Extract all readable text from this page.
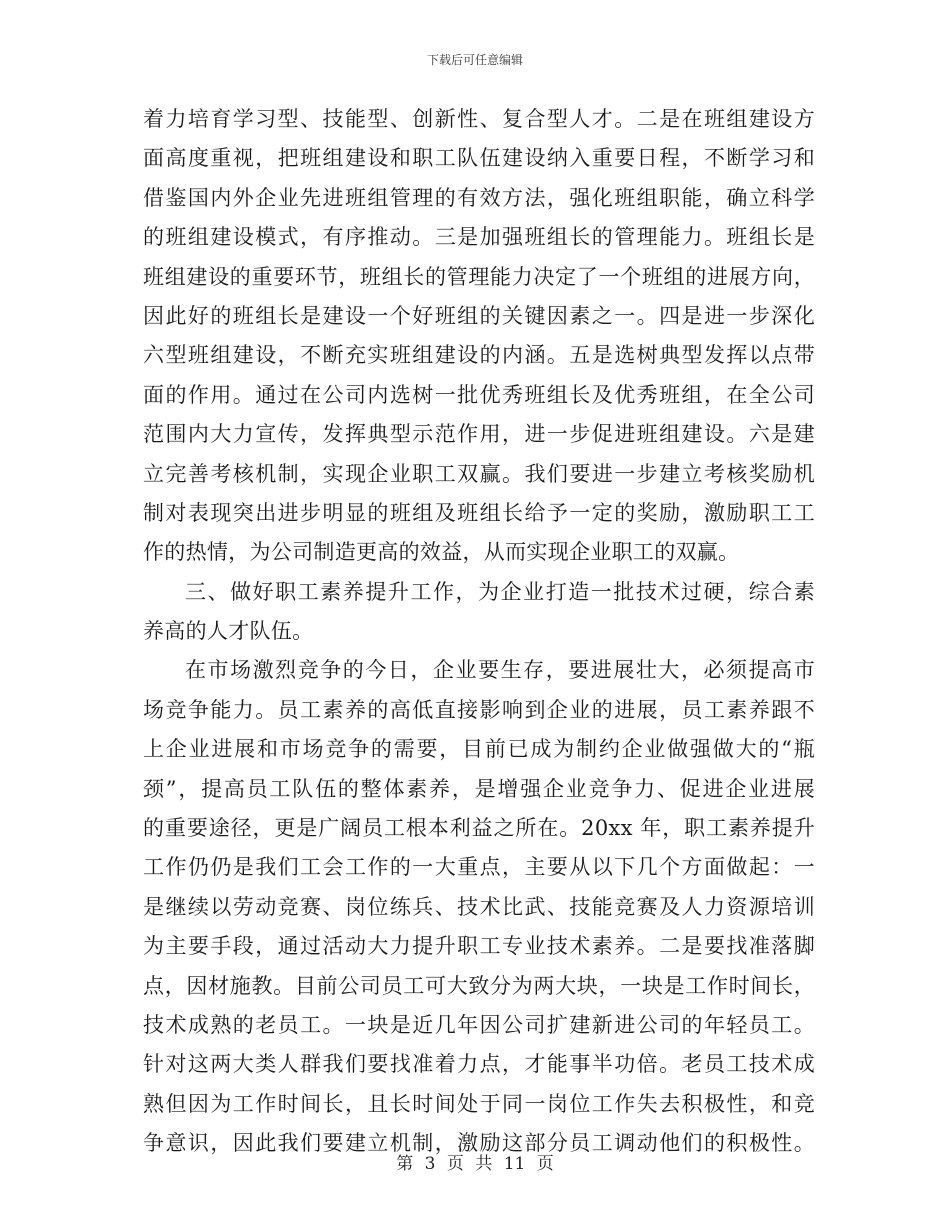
下载后可任意编辑
着力培育学习型、技能型、创新性、复合型人才。二是在班组建设方
面高度重视，把班组建设和职工队伍建设纳入重要日程，不断学习和
借鉴国内外企业先进班组管理的有效方法，强化班组职能，确立科学
的班组建设模式，有序推动。三是加强班组长的管理能力。班组长是
班组建设的重要环节，班组长的管理能力决定了一个班组的进展方向，
因此好的班组长是建设一个好班组的关键因素之一。四是进一步深化
六型班组建设，不断充实班组建设的内涵。五是选树典型发挥以点带
面的作用。通过在公司内选树一批优秀班组长及优秀班组，在全公司
范围内大力宣传，发挥典型示范作用，进一步促进班组建设。六是建
立完善考核机制，实现企业职工双赢。我们要进一步建立考核奖励机
制对表现突出进步明显的班组及班组长给予一定的奖励，激励职工工
作的热情，为公司制造更高的效益，从而实现企业职工的双赢。
三、做好职工素养提升工作，为企业打造一批技术过硬，综合素
养高的人才队伍。
在市场激烈竞争的今日，企业要生存，要进展壮大，必须提高市
场竞争能力。员工素养的高低直接影响到企业的进展，员工素养跟不
上企业进展和市场竞争的需要，目前已成为制约企业做强做大的“瓶
颈”，提高员工队伍的整体素养，是增强企业竞争力、促进企业进展
的重要途径，更是广阔员工根本利益之所在。20xx 年，职工素养提升
工作仍仍是我们工会工作的一大重点，主要从以下几个方面做起：一
是继续以劳动竞赛、岗位练兵、技术比武、技能竞赛及人力资源培训
为主要手段，通过活动大力提升职工专业技术素养。二是要找准落脚
点，因材施教。目前公司员工可大致分为两大块，一块是工作时间长，
技术成熟的老员工。一块是近几年因公司扩建新进公司的年轻员工。
针对这两大类人群我们要找准着力点，才能事半功倍。老员工技术成
熟但因为工作时间长，且长时间处于同一岗位工作失去积极性，和竞
争意识，因此我们要建立机制，激励这部分员工调动他们的积极性。
第 3 页 共 11 页
